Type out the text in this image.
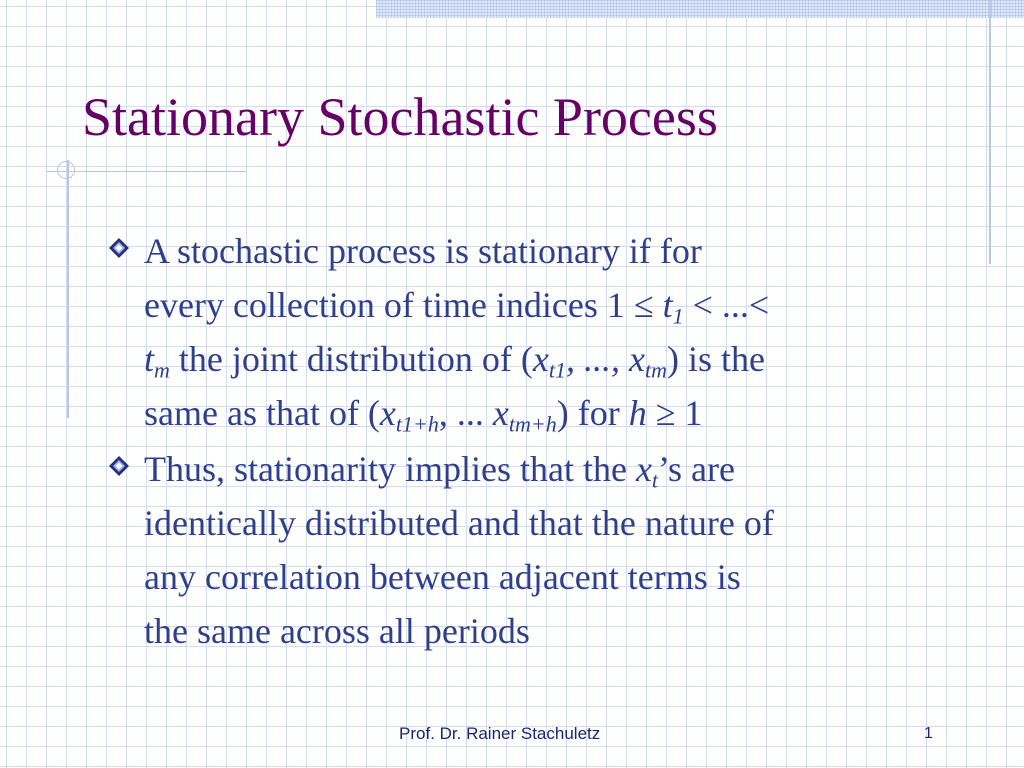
Stationary Stochastic Process
A stochastic process is stationary if for
every collection of time indices $1 \le t_1$ < ...<
$t_m$ the joint distribution of ($x_{t1}$, ..., $x_{tm}$) is the
same as that of ($x_{t1+h}$, ... $x_{tm+h}$) for h ≥ 1
Thus, stationarity implies that the $x_t’s$ are
identically distributed and that the nature of
any correlation between adjacent terms is
the same across all periods
Prof. Dr. Rainer Stachuletz	1
